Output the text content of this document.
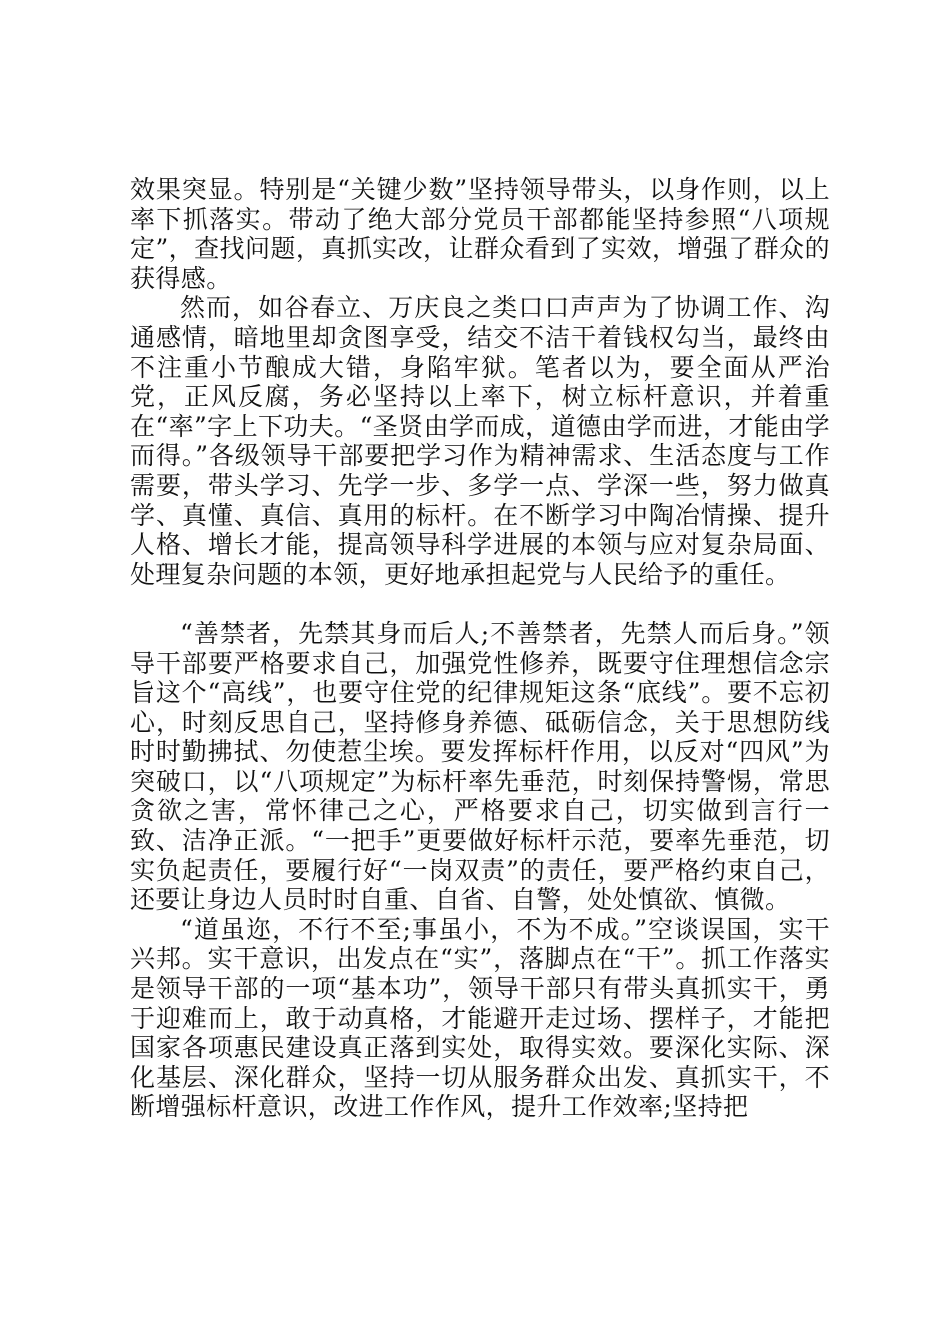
效果突显。特别是“关键少数”坚持领导带头，以身作则，以上率下抓落实。带动了绝大部分党员干部都能坚持参照“八项规定”，查找问题，真抓实改，让群众看到了实效，增强了群众的获得感。

然而，如谷春立、万庆良之类口口声声为了协调工作、沟通感情，暗地里却贪图享受，结交不洁干着钱权勾当，最终由不注重小节酿成大错，身陷牢狱。笔者以为，要全面从严治党，正风反腐，务必坚持以上率下，树立标杆意识，并着重在“率”字上下功夫。“圣贤由学而成，道德由学而进，才能由学而得。”各级领导干部要把学习作为精神需求、生活态度与工作需要，带头学习、先学一步、多学一点、学深一些，努力做真学、真懂、真信、真用的标杆。在不断学习中陶冶情操、提升人格、增长才能，提高领导科学进展的本领与应对复杂局面、处理复杂问题的本领，更好地承担起党与人民给予的重任。

“善禁者，先禁其身而后人;不善禁者，先禁人而后身。”领导干部要严格要求自己，加强党性修养，既要守住理想信念宗旨这个“高线”，也要守住党的纪律规矩这条“底线”。要不忘初心，时刻反思自己，坚持修身养德、砥砺信念，关于思想防线时时勤拂拭、勿使惹尘埃。要发挥标杆作用，以反对“四风”为突破口，以“八项规定”为标杆率先垂范，时刻保持警惕，常思贪欲之害，常怀律己之心，严格要求自己，切实做到言行一致、洁净正派。“一把手”更要做好标杆示范，要率先垂范，切实负起责任，要履行好“一岗双责”的责任，要严格约束自己，还要让身边人员时时自重、自省、自警，处处慎欲、慎微。

“道虽迩，不行不至;事虽小，不为不成。”空谈误国，实干兴邦。实干意识，出发点在“实”，落脚点在“干”。抓工作落实是领导干部的一项“基本功”，领导干部只有带头真抓实干，勇于迎难而上，敢于动真格，才能避开走过场、摆样子，才能把国家各项惠民建设真正落到实处，取得实效。要深化实际、深化基层、深化群众，坚持一切从服务群众出发、真抓实干，不断增强标杆意识，改进工作作风，提升工作效率;坚持把
